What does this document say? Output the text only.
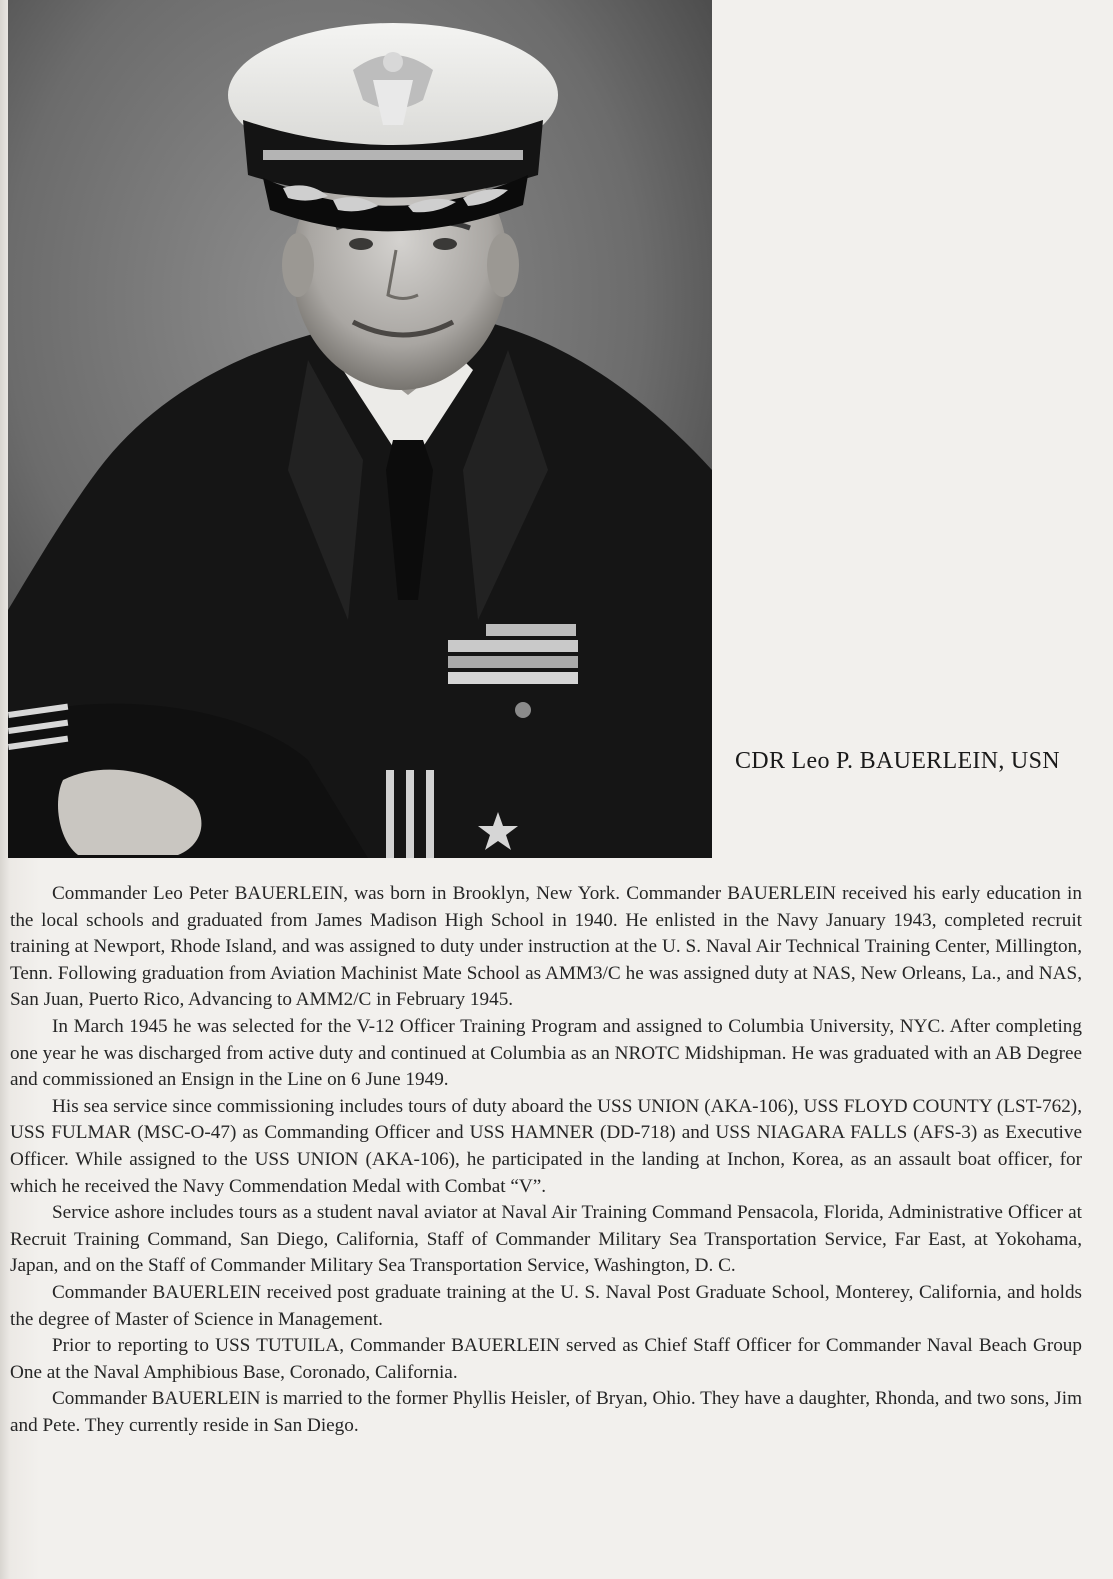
CDR Leo P. BAUERLEIN, USN

Commander Leo Peter BAUERLEIN, was born in Brooklyn, New York. Commander BAUERLEIN received his early education in the local schools and graduated from James Madison High School in 1940. He enlisted in the Navy January 1943, completed recruit training at Newport, Rhode Island, and was assigned to duty under instruction at the U. S. Naval Air Technical Training Center, Millington, Tenn. Following graduation from Aviation Machinist Mate School as AMM3/C he was assigned duty at NAS, New Orleans, La., and NAS, San Juan, Puerto Rico, Advancing to AMM2/C in February 1945.

In March 1945 he was selected for the V-12 Officer Training Program and assigned to Columbia University, NYC. After completing one year he was discharged from active duty and continued at Columbia as an NROTC Midshipman. He was graduated with an AB Degree and commissioned an Ensign in the Line on 6 June 1949.

His sea service since commissioning includes tours of duty aboard the USS UNION (AKA-106), USS FLOYD COUNTY (LST-762), USS FULMAR (MSC-O-47) as Commanding Officer and USS HAMNER (DD-718) and USS NIAGARA FALLS (AFS-3) as Executive Officer. While assigned to the USS UNION (AKA-106), he participated in the landing at Inchon, Korea, as an assault boat officer, for which he received the Navy Commendation Medal with Combat “V”.

Service ashore includes tours as a student naval aviator at Naval Air Training Command Pensacola, Florida, Administrative Officer at Recruit Training Command, San Diego, California, Staff of Commander Military Sea Transportation Service, Far East, at Yokohama, Japan, and on the Staff of Commander Military Sea Transportation Service, Washington, D. C.

Commander BAUERLEIN received post graduate training at the U. S. Naval Post Graduate School, Monterey, California, and holds the degree of Master of Science in Management.

Prior to reporting to USS TUTUILA, Commander BAUERLEIN served as Chief Staff Officer for Commander Naval Beach Group One at the Naval Amphibious Base, Coronado, California.

Commander BAUERLEIN is married to the former Phyllis Heisler, of Bryan, Ohio. They have a daughter, Rhonda, and two sons, Jim and Pete. They currently reside in San Diego.
